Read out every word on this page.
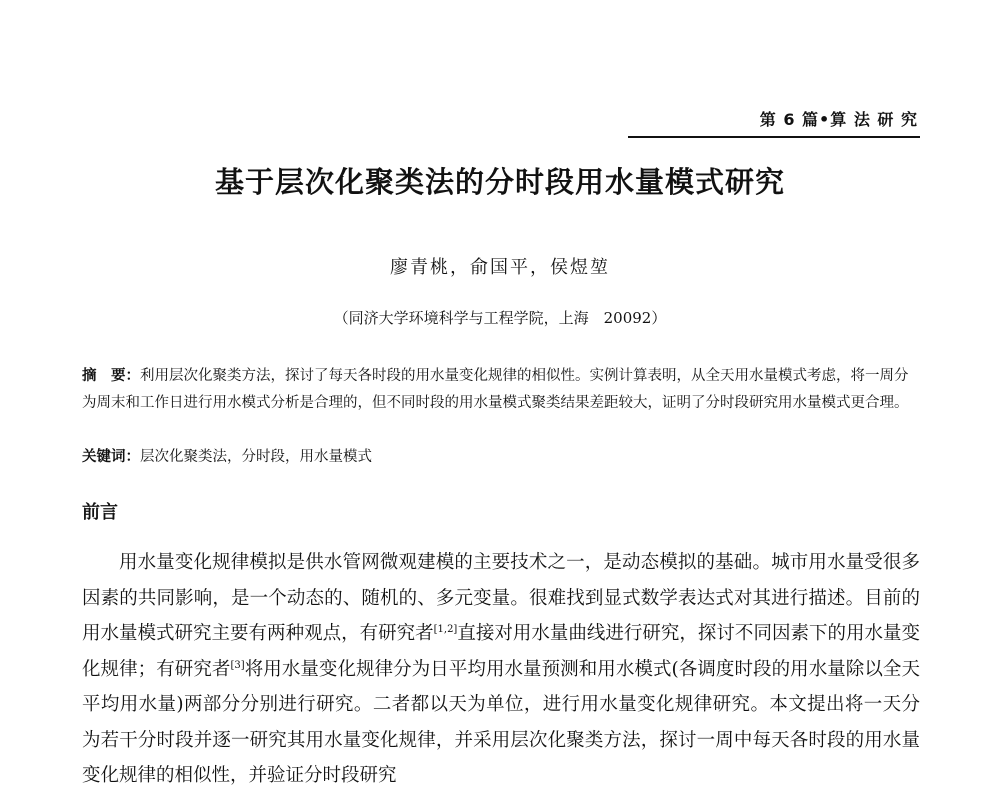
第 6 篇•算 法 研 究
基于层次化聚类法的分时段用水量模式研究
廖青桃，俞国平，侯煜堃
（同济大学环境科学与工程学院，上海　20092）

摘　要：利用层次化聚类方法，探讨了每天各时段的用水量变化规律的相似性。实例计算表明，从全天用水量模式考虑，将一周分为周末和工作日进行用水模式分析是合理的，但不同时段的用水量模式聚类结果差距较大，证明了分时段研究用水量模式更合理。

关键词：层次化聚类法，分时段，用水量模式

前言

用水量变化规律模拟是供水管网微观建模的主要技术之一，是动态模拟的基础。城市用水量受很多因素的共同影响，是一个动态的、随机的、多元变量。很难找到显式数学表达式对其进行描述。目前的用水量模式研究主要有两种观点，有研究者[1,2]直接对用水量曲线进行研究，探讨不同因素下的用水量变化规律；有研究者[3]将用水量变化规律分为日平均用水量预测和用水模式(各调度时段的用水量除以全天平均用水量)两部分分别进行研究。二者都以天为单位，进行用水量变化规律研究。本文提出将一天分为若干分时段并逐一研究其用水量变化规律，并采用层次化聚类方法，探讨一周中每天各时段的用水量变化规律的相似性，并验证分时段研究
